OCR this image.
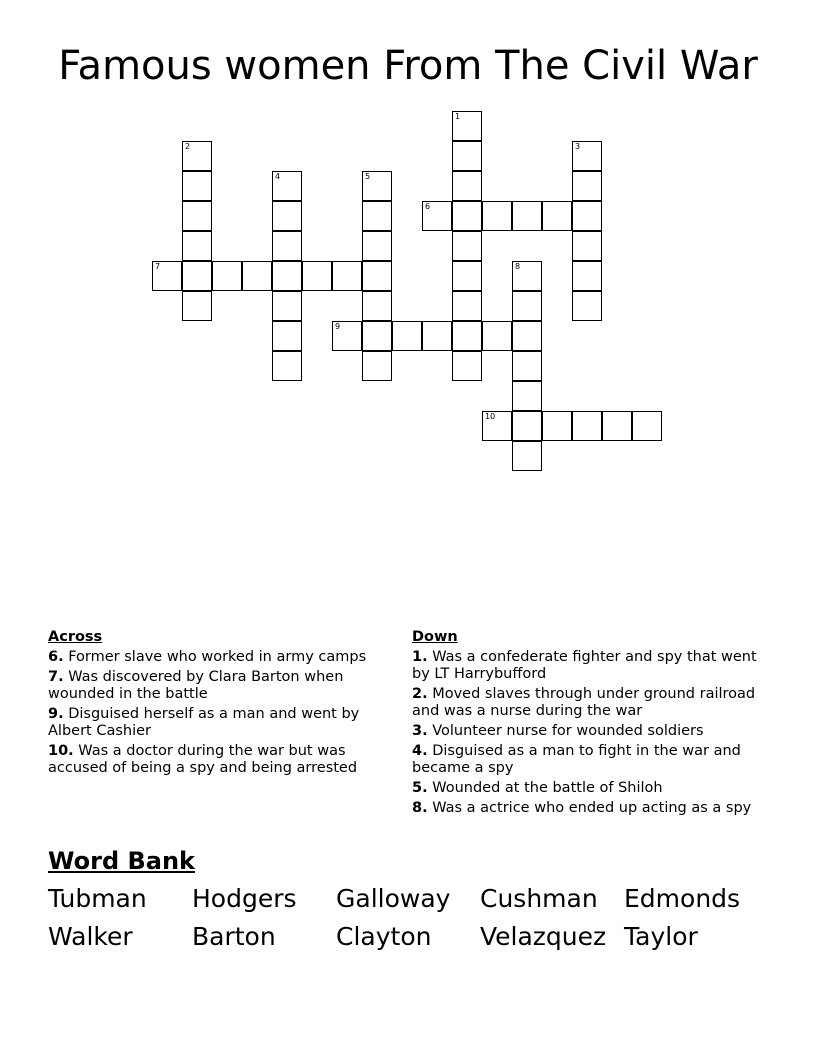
Famous women From The Civil War
1
2	3
4	5
6
7	8
9
10
Across
6. Former slave who worked in army camps
7. Was discovered by Clara Barton when wounded in the battle
9. Disguised herself as a man and went by Albert Cashier
10. Was a doctor during the war but was accused of being a spy and being arrested
Down
1. Was a confederate fighter and spy that went by LT Harrybufford
2. Moved slaves through under ground railroad and was a nurse during the war
3. Volunteer nurse for wounded soldiers
4. Disguised as a man to fight in the war and became a spy
5. Wounded at the battle of Shiloh
8. Was a actrice who ended up acting as a spy
Word Bank
Tubman Hodgers Galloway Cushman Edmonds
Walker Barton Clayton Velazquez Taylor
